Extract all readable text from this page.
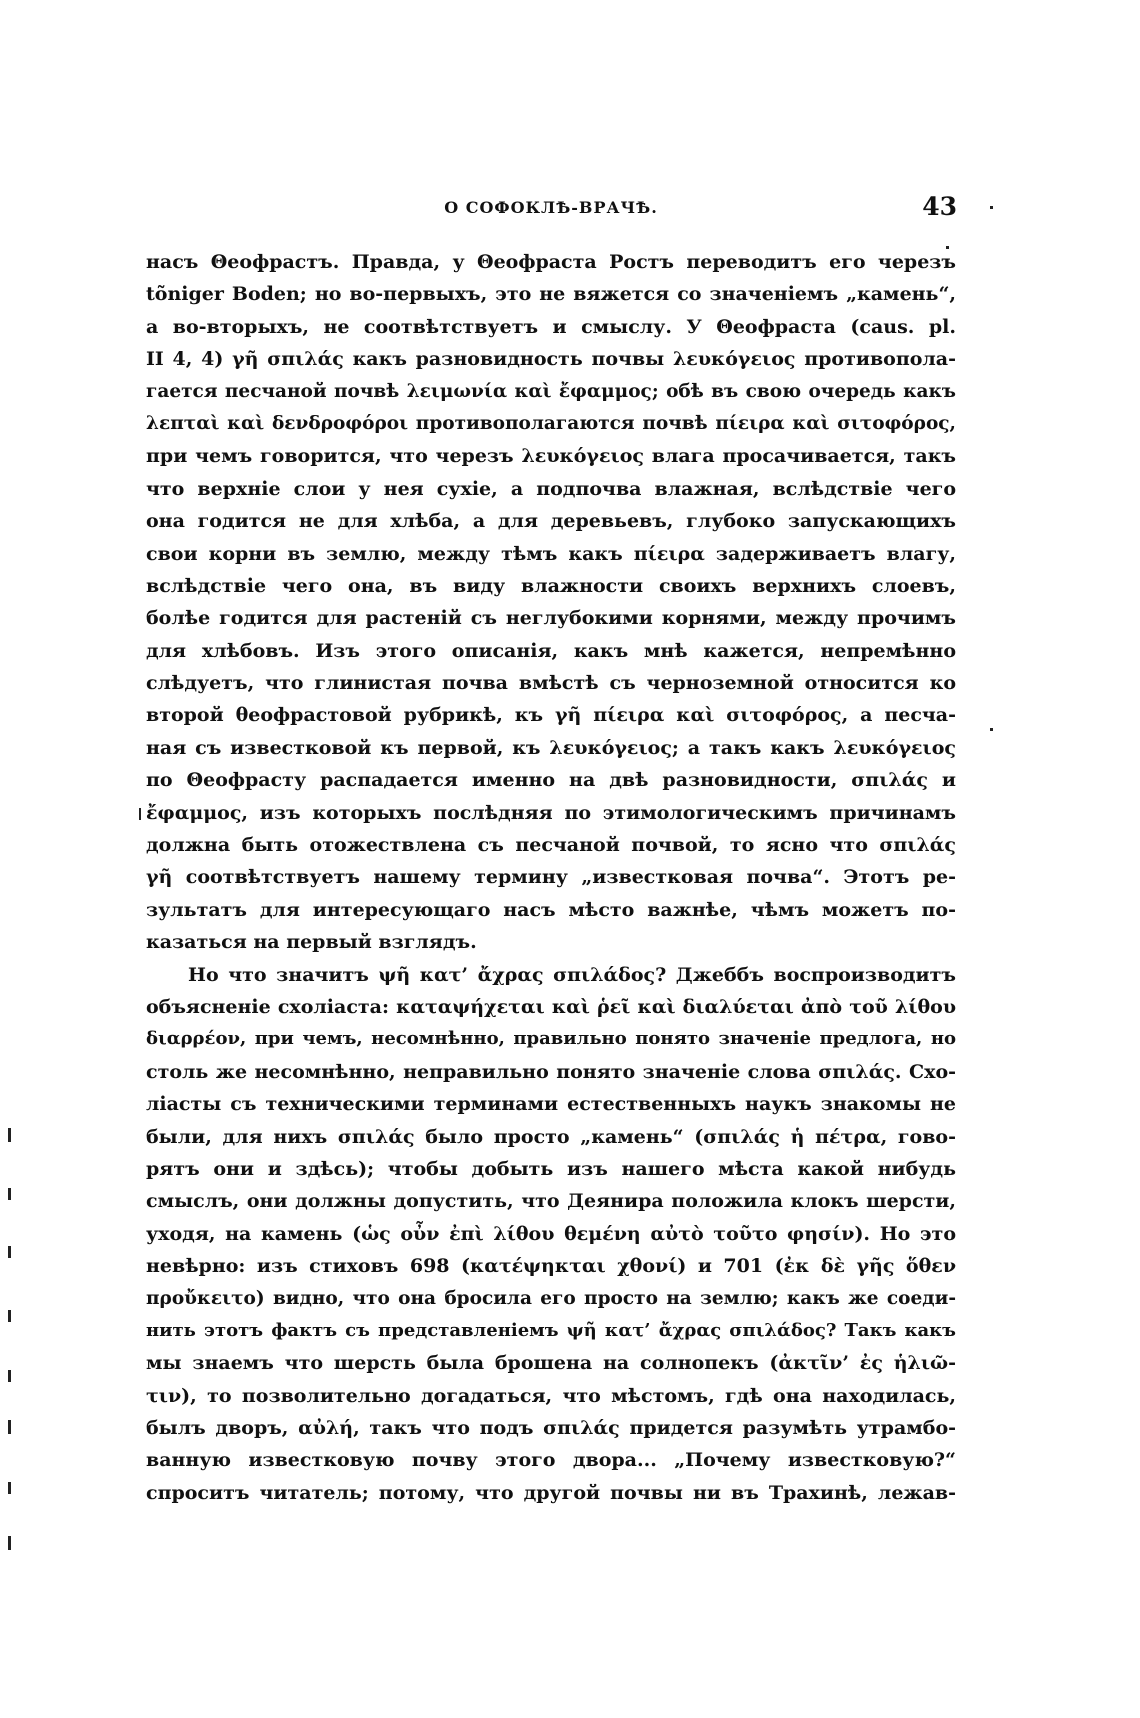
О СОФОКЛѢ-ВРАЧѢ.	43
насъ Θеофрастъ. Правда, у Θеофраста Ростъ переводитъ его черезъ
tõniger Boden; но во-первыхъ, это не вяжется со значеніемъ „камень“,
а во-вторыхъ, не соотвѣтствуетъ и смыслу. У Θеофраста (caus. pl.
II 4, 4) γῆ σπιλάς какъ разновидность почвы λευκόγειος противопола-
гается песчаной почвѣ λειμωνία καὶ ἔφαμμος; обѣ въ свою очередь какъ
λεπταὶ καὶ δενδροφόροι противополагаются почвѣ πίειρα καὶ σιτοφόρος,
при чемъ говорится, что черезъ λευκόγειος влага просачивается, такъ
что верхніе слои у нея сухіе, а подпочва влажная, вслѣдствіе чего
она годится не для хлѣба, а для деревьевъ, глубоко запускающихъ
свои корни въ землю, между тѣмъ какъ πίειρα задерживаетъ влагу,
вслѣдствіе чего она, въ виду влажности своихъ верхнихъ слоевъ,
болѣе годится для растеній съ неглубокими корнями, между прочимъ
для хлѣбовъ. Изъ этого описанія, какъ мнѣ кажется, непремѣнно
слѣдуетъ, что глинистая почва вмѣстѣ съ черноземной относится ко
второй θеофрастовой рубрикѣ, къ γῆ πίειρα καὶ σιτοφόρος, а песча-
ная съ известковой къ первой, къ λευκόγειος; а такъ какъ λευκόγειος
по Θеофрасту распадается именно на двѣ разновидности, σπιλάς и
ἔφαμμος, изъ которыхъ послѣдняя по этимологическимъ причинамъ
должна быть отожествлена съ песчаной почвой, то ясно что σπιλάς
γῆ соотвѣтствуетъ нашему термину „известковая почва“. Этотъ ре-
зультатъ для интересующаго насъ мѣсто важнѣе, чѣмъ можетъ по-
казаться на первый взглядъ.
Но что значитъ ψῆ κατ’ ἄχρας σπιλάδος? Джеббъ воспроизводитъ
объясненіе схоліаста: καταψήχεται καὶ ῥεῖ καὶ διαλύεται ἀπὸ τοῦ λίθου
διαρρέον, при чемъ, несомнѣнно, правильно понято значеніе предлога, но
столь же несомнѣнно, неправильно понято значеніе слова σπιλάς. Схо-
ліасты съ техническими терминами естественныхъ наукъ знакомы не
были, для нихъ σπιλάς было просто „камень“ (σπιλάς ἡ πέτρα, гово-
рятъ они и здѣсь); чтобы добыть изъ нашего мѣста какой нибудь
смыслъ, они должны допустить, что Деянира положила клокъ шерсти,
уходя, на камень (ὡς οὖν ἐπὶ λίθου θεμένη αὐτὸ τοῦτο φησίν). Но это
невѣрно: изъ стиховъ 698 (κατέψηκται χθονί) и 701 (ἐκ δὲ γῆς ὅθεν
προὔκειτο) видно, что она бросила его просто на землю; какъ же соеди-
нить этотъ фактъ съ представленіемъ ψῆ κατ’ ἄχρας σπιλάδος? Такъ какъ
мы знаемъ что шерсть была брошена на солнопекъ (ἀκτῖν’ ἐς ἡλιῶ-
τιν), то позволительно догадаться, что мѣстомъ, гдѣ она находилась,
былъ дворъ, αὐλή, такъ что подъ σπιλάς придется разумѣть утрамбо-
ванную известковую почву этого двора... „Почему известковую?“
спроситъ читатель; потому, что другой почвы ни въ Трахинѣ, лежав-
